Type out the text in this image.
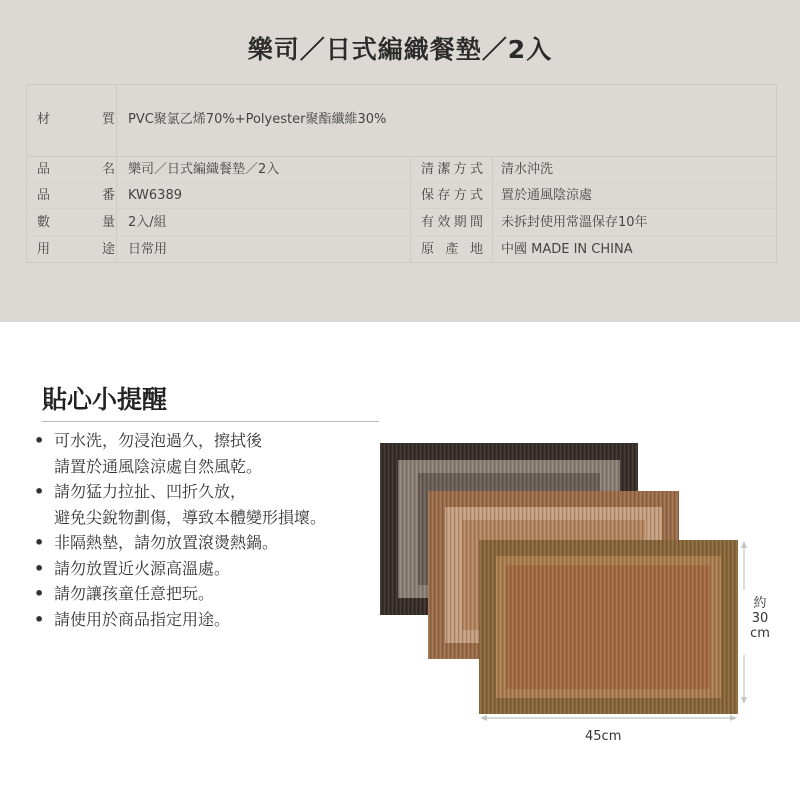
樂司／日式編織餐墊／2入
材	質 PVC聚氯乙烯70%+Polyester聚酯纖維30%
品	名 樂司／日式編織餐墊／2入	清 潔 方 式 清水沖洗
品	番 KW6389	保 存 方 式 置於通風陰涼處
數	量 2入/組	有 效 期 間 未拆封使用常溫保存10年
用	途 日常用	原 產 地 中國 MADE IN CHINA
貼心小提醒
• 可水洗，勿浸泡過久，擦拭後
請置於通風陰涼處自然風乾。
• 請勿猛力拉扯、凹折久放，
避免尖銳物劃傷，導致本體變形損壞。
• 非隔熱墊，請勿放置滾燙熱鍋。
• 請勿放置近火源高溫處。
• 請勿讓孩童任意把玩。
• 請使用於商品指定用途。
45cm
約
30
cm
